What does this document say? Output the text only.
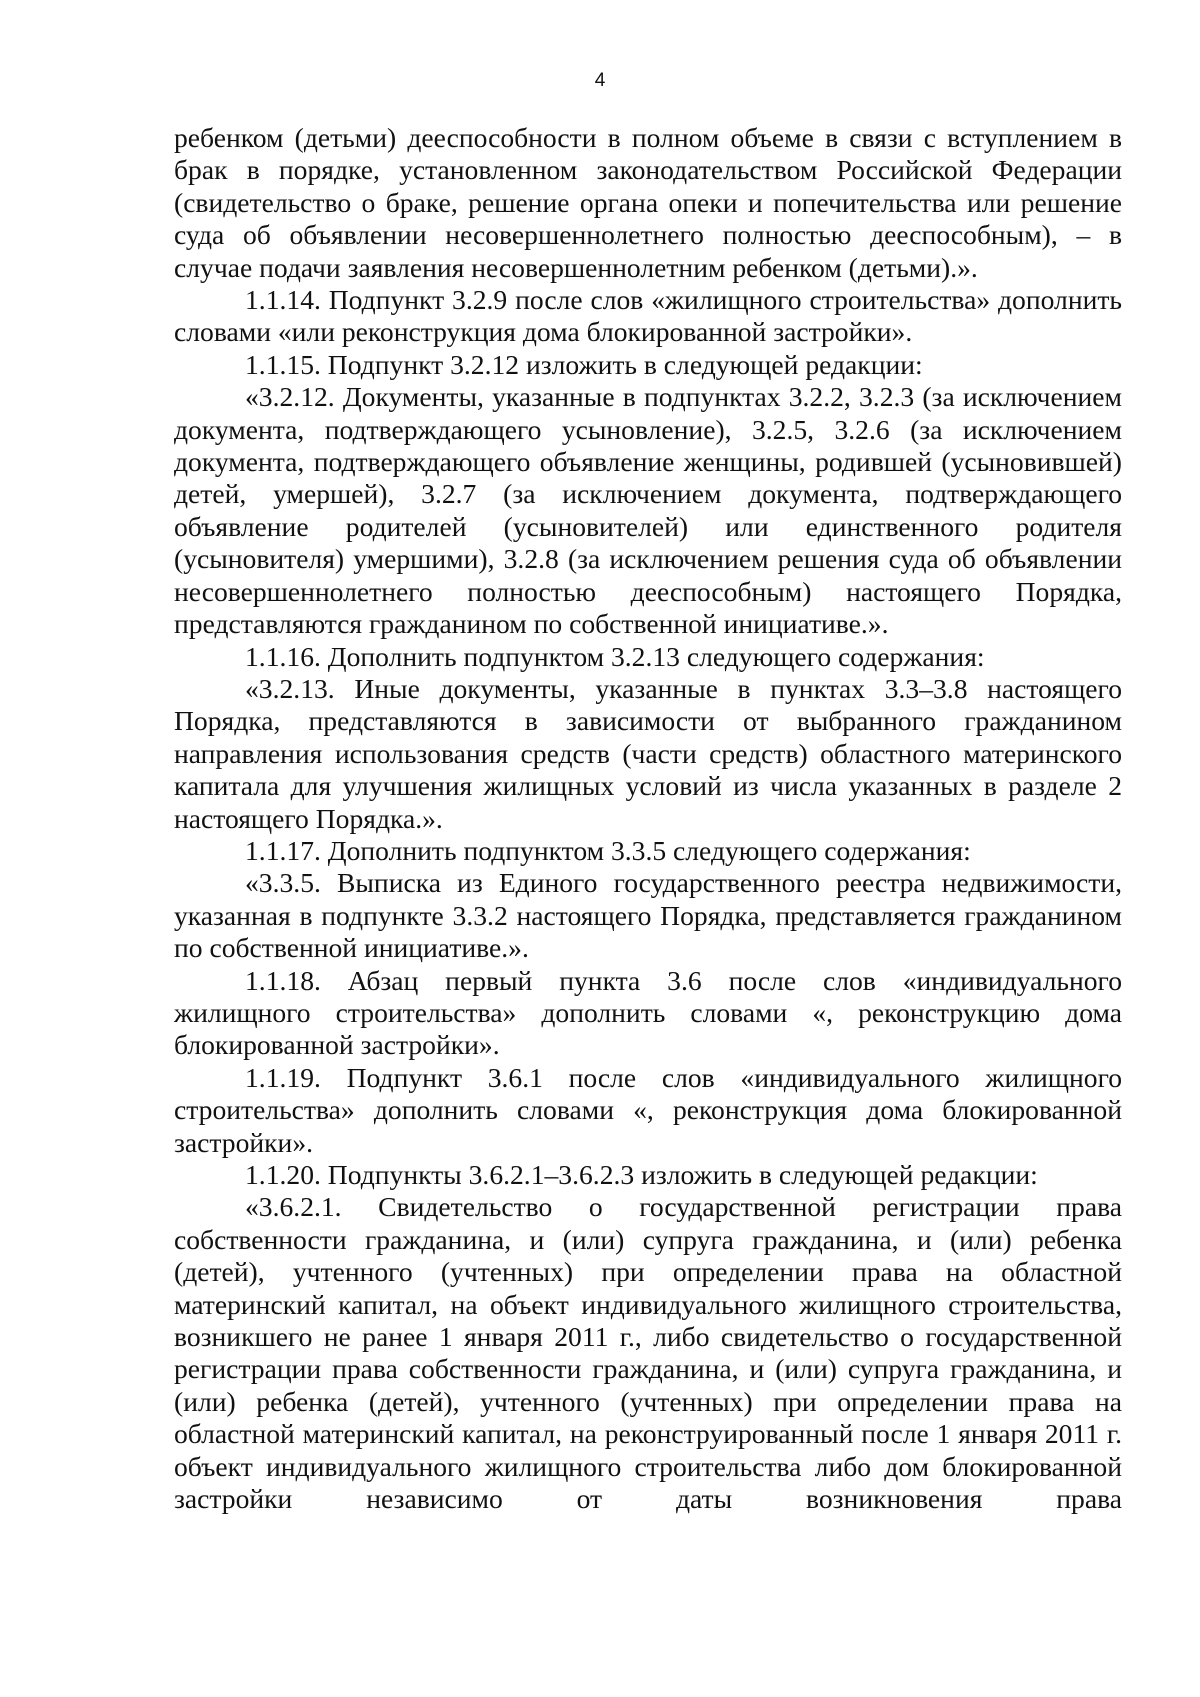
4

ребенком (детьми) дееспособности в полном объеме в связи с вступлением в брак в порядке, установленном законодательством Российской Федерации (свидетельство о браке, решение органа опеки и попечительства или решение суда об объявлении несовершеннолетнего полностью дееспособным), – в случае подачи заявления несовершеннолетним ребенком (детьми).».

1.1.14. Подпункт 3.2.9 после слов «жилищного строительства» дополнить словами «или реконструкция дома блокированной застройки».

1.1.15. Подпункт 3.2.12 изложить в следующей редакции:

«3.2.12. Документы, указанные в подпунктах 3.2.2, 3.2.3 (за исключением документа, подтверждающего усыновление), 3.2.5, 3.2.6 (за исключением документа, подтверждающего объявление женщины, родившей (усыновившей) детей, умершей), 3.2.7 (за исключением документа, подтверждающего объявление родителей (усыновителей) или единственного родителя (усыновителя) умершими), 3.2.8 (за исключением решения суда об объявлении несовершеннолетнего полностью дееспособным) настоящего Порядка, представляются гражданином по собственной инициативе.».

1.1.16. Дополнить подпунктом 3.2.13 следующего содержания:

«3.2.13. Иные документы, указанные в пунктах 3.3–3.8 настоящего Порядка, представляются в зависимости от выбранного гражданином направления использования средств (части средств) областного материнского капитала для улучшения жилищных условий из числа указанных в разделе 2 настоящего Порядка.».

1.1.17. Дополнить подпунктом 3.3.5 следующего содержания:

«3.3.5. Выписка из Единого государственного реестра недвижимости, указанная в подпункте 3.3.2 настоящего Порядка, представляется гражданином по собственной инициативе.».

1.1.18. Абзац первый пункта 3.6 после слов «индивидуального жилищного строительства» дополнить словами «, реконструкцию дома блокированной застройки».

1.1.19. Подпункт 3.6.1 после слов «индивидуального жилищного строительства» дополнить словами «, реконструкция дома блокированной застройки».

1.1.20. Подпункты 3.6.2.1–3.6.2.3 изложить в следующей редакции:

«3.6.2.1. Свидетельство о государственной регистрации права собственности гражданина, и (или) супруга гражданина, и (или) ребенка (детей), учтенного (учтенных) при определении права на областной материнский капитал, на объект индивидуального жилищного строительства, возникшего не ранее 1 января 2011 г., либо свидетельство о государственной регистрации права собственности гражданина, и (или) супруга гражданина, и (или) ребенка (детей), учтенного (учтенных) при определении права на областной материнский капитал, на реконструированный после 1 января 2011 г. объект индивидуального жилищного строительства либо дом блокированной застройки независимо от даты возникновения права
